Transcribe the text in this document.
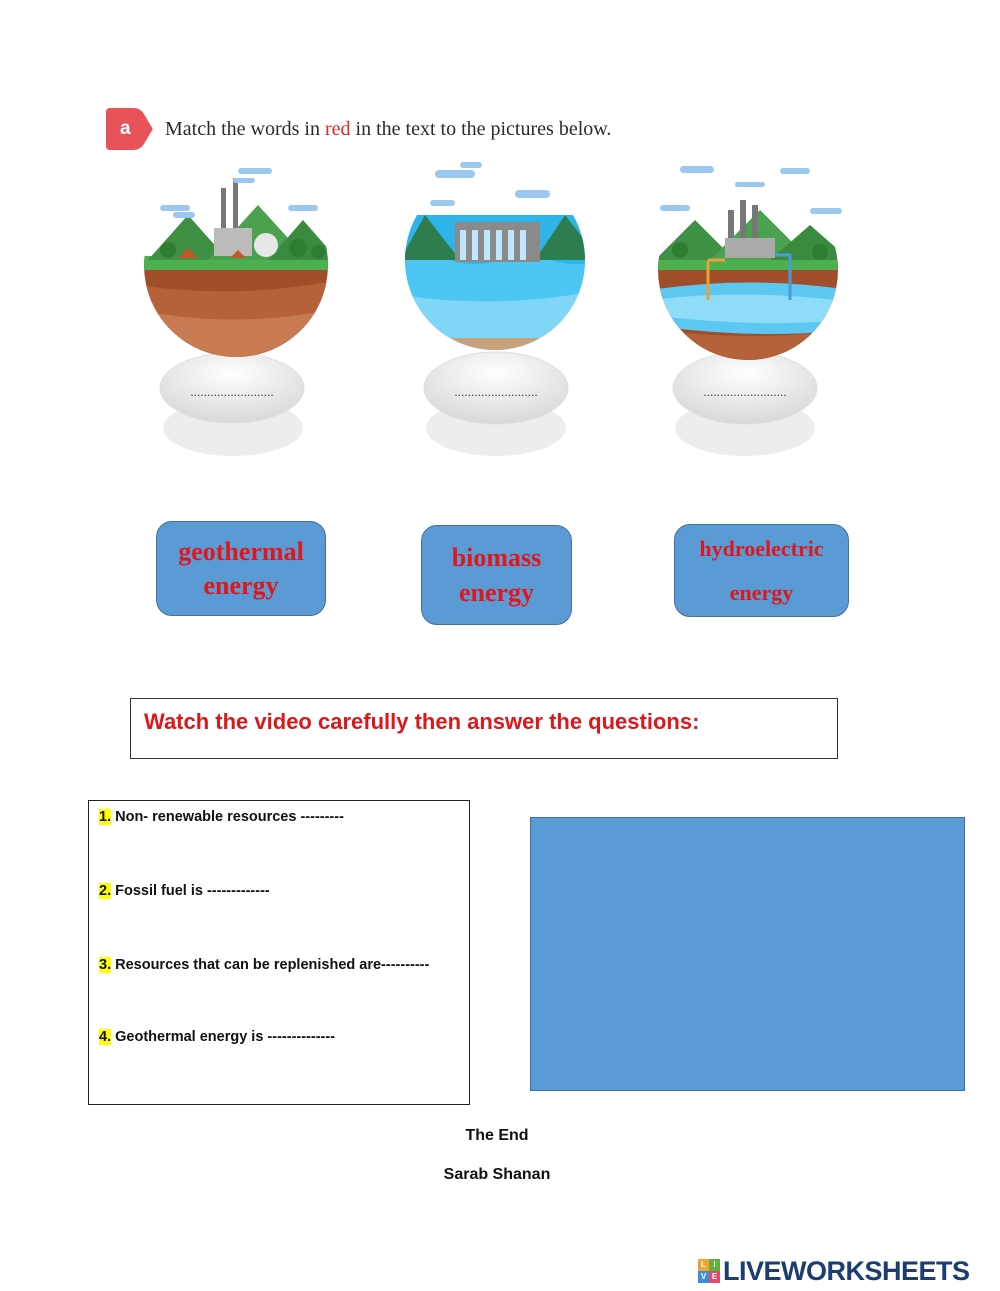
a Match the words in red in the text to the pictures below.
.........................	.........................	.........................
geothermal
energy
biomass
energy
hydroelectric
energy
Watch the video carefully then answer the questions:
1. Non- renewable resources ---------
2. Fossil fuel is -------------
3. Resources that can be replenished are----------
4. Geothermal energy is --------------
The End
Sarab Shanan
L I
V E LIVEWORKSHEETS
